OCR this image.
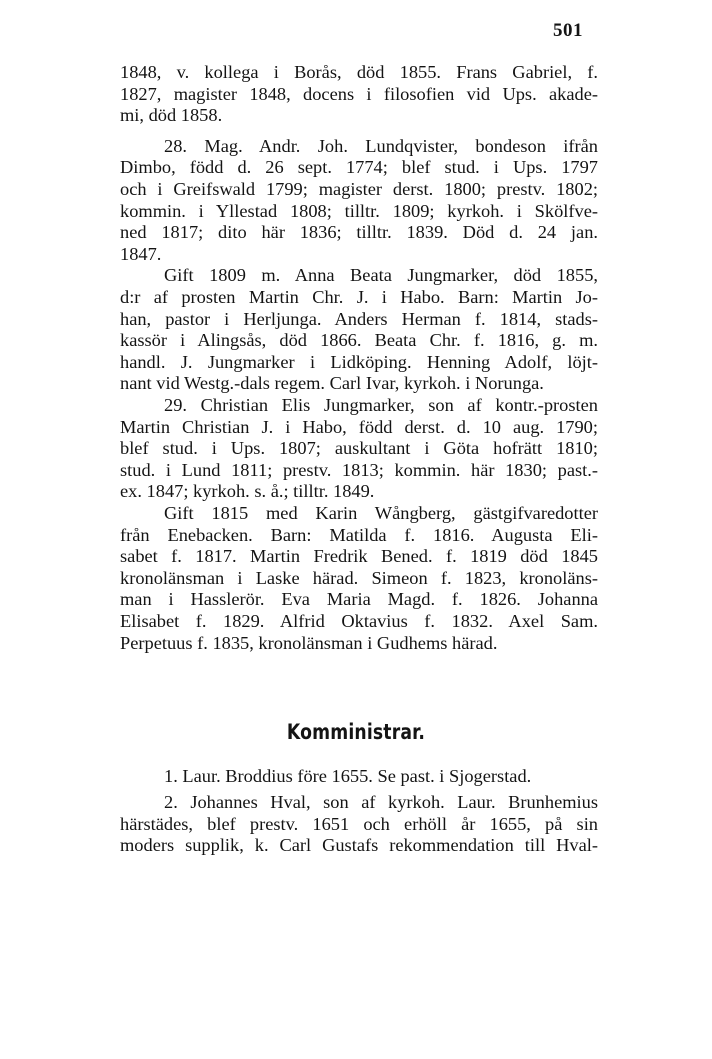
501
1848, v. kollega i Borås, död 1855. Frans Gabriel, f.
1827, magister 1848, docens i filosofien vid Ups. akade-
mi, död 1858.
28. Mag. Andr. Joh. Lundqvister, bondeson ifrån
Dimbo, född d. 26 sept. 1774; blef stud. i Ups. 1797
och i Greifswald 1799; magister derst. 1800; prestv. 1802;
kommin. i Yllestad 1808; tilltr. 1809; kyrkoh. i Skölfve-
ned 1817; dito här 1836; tilltr. 1839. Död d. 24 jan.
1847.
Gift 1809 m. Anna Beata Jungmarker, död 1855,
d:r af prosten Martin Chr. J. i Habo. Barn: Martin Jo-
han, pastor i Herljunga. Anders Herman f. 1814, stads-
kassör i Alingsås, död 1866. Beata Chr. f. 1816, g. m.
handl. J. Jungmarker i Lidköping. Henning Adolf, löjt-
nant vid Westg.-dals regem. Carl Ivar, kyrkoh. i Norunga.
29. Christian Elis Jungmarker, son af kontr.-prosten
Martin Christian J. i Habo, född derst. d. 10 aug. 1790;
blef stud. i Ups. 1807; auskultant i Göta hofrätt 1810;
stud. i Lund 1811; prestv. 1813; kommin. här 1830; past.-
ex. 1847; kyrkoh. s. å.; tilltr. 1849.
Gift 1815 med Karin Wångberg, gästgifvaredotter
från Enebacken. Barn: Matilda f. 1816. Augusta Eli-
sabet f. 1817. Martin Fredrik Bened. f. 1819 död 1845
kronolänsman i Laske härad. Simeon f. 1823, kronoläns-
man i Hasslerör. Eva Maria Magd. f. 1826. Johanna
Elisabet f. 1829. Alfrid Oktavius f. 1832. Axel Sam.
Perpetuus f. 1835, kronolänsman i Gudhems härad.
Komministrar.
1. Laur. Broddius före 1655. Se past. i Sjogerstad.
2. Johannes Hval, son af kyrkoh. Laur. Brunhemius
härstädes, blef prestv. 1651 och erhöll år 1655, på sin
moders supplik, k. Carl Gustafs rekommendation till Hval-
